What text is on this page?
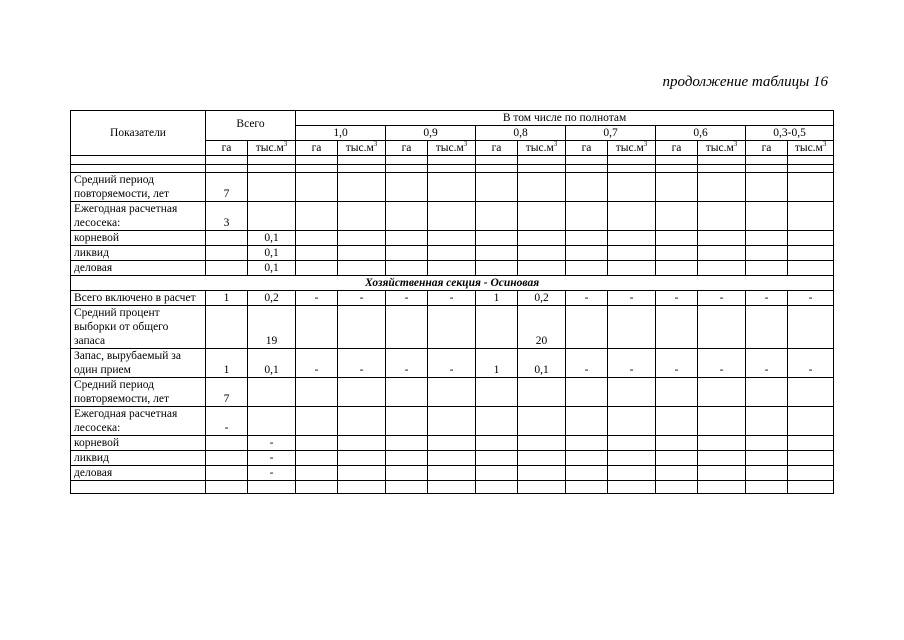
продолжение таблицы 16
Показатели	Всего		В том числе по полнотам											
			1,0		0,9		0,8		0,7		0,6		0,3-0,5	
	га	$тыс.м^3$	га	$тыс.м^3$	га	$тыс.м^3$	га	$тыс.м^3$	га	$тыс.м^3$	га	$тыс.м^3$	га	$тыс.м^3$

Средний период повторяемости, лет	7													
Ежегодная расчетная лесосека:	3													
корневой		0,1												
ликвид		0,1												
деловая		0,1												
Хозяйственная секция - Осиновая														
Всего включено в расчет	1	0,2	-	-	-	-	1	0,2	-	-	-	-	-	-
Средний процент выборки от общего запаса		19						20						
Запас, вырубаемый за один прием	1	0,1	-	-	-	-	1	0,1	-	-	-	-	-	-
Средний период повторяемости, лет	7													
Ежегодная расчетная лесосека:	-													
корневой		-												
ликвид		-												
деловая		-												
